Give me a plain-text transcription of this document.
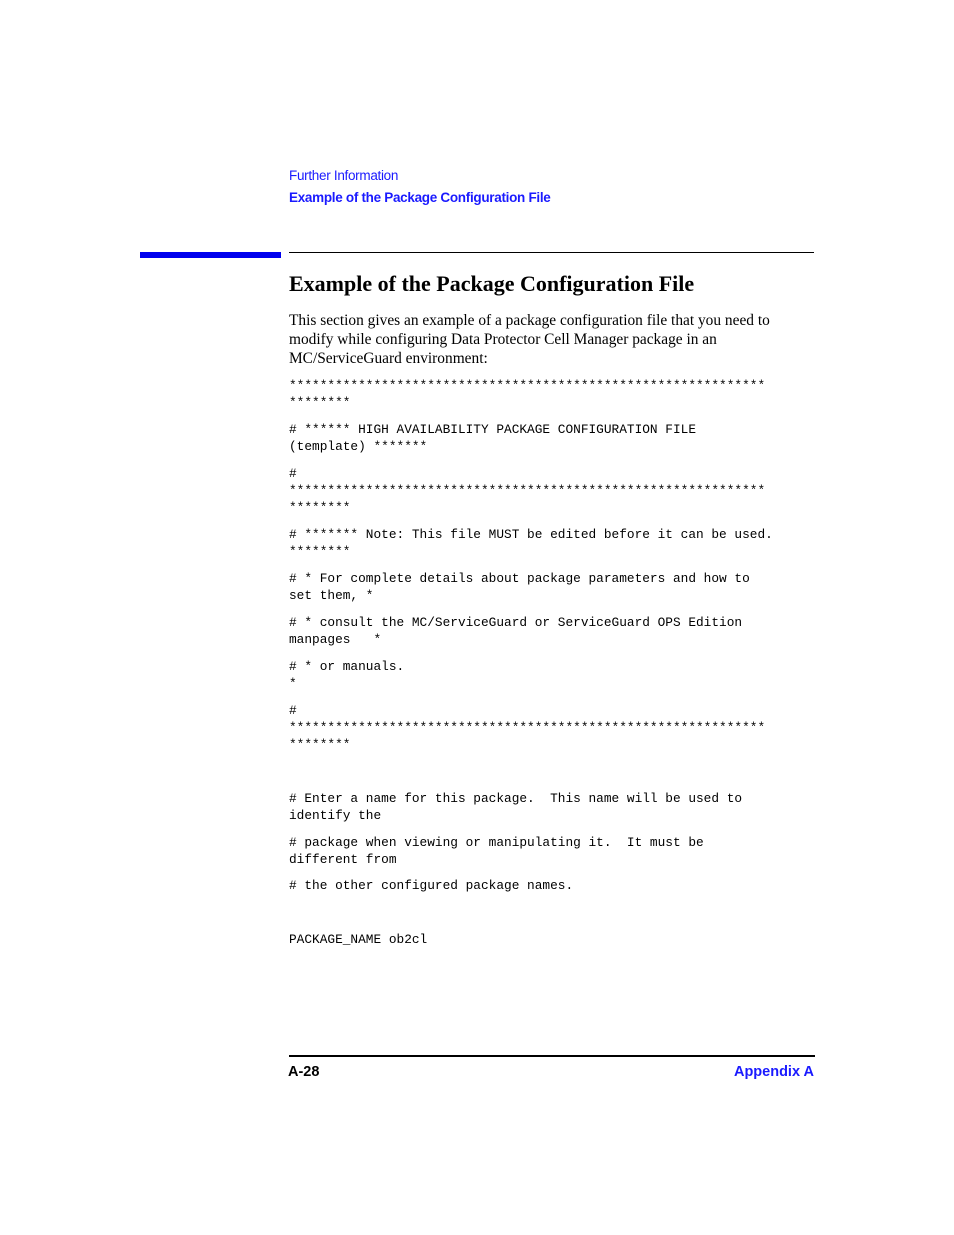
Further Information
Example of the Package Configuration File
Example of the Package Configuration File

This section gives an example of a package configuration file that you need to modify while configuring Data Protector Cell Manager package in an MC/ServiceGuard environment:

**************************************************************
********
# ****** HIGH AVAILABILITY PACKAGE CONFIGURATION FILE
(template) *******
#
**************************************************************
********
# ******* Note: This file MUST be edited before it can be used.
********
# * For complete details about package parameters and how to
set them, *
# * consult the MC/ServiceGuard or ServiceGuard OPS Edition
manpages   *
# * or manuals.
*
#
**************************************************************
********
# Enter a name for this package.  This name will be used to
identify the
# package when viewing or manipulating it.  It must be
different from
# the other configured package names.
PACKAGE_NAME ob2cl
A-28	Appendix A
